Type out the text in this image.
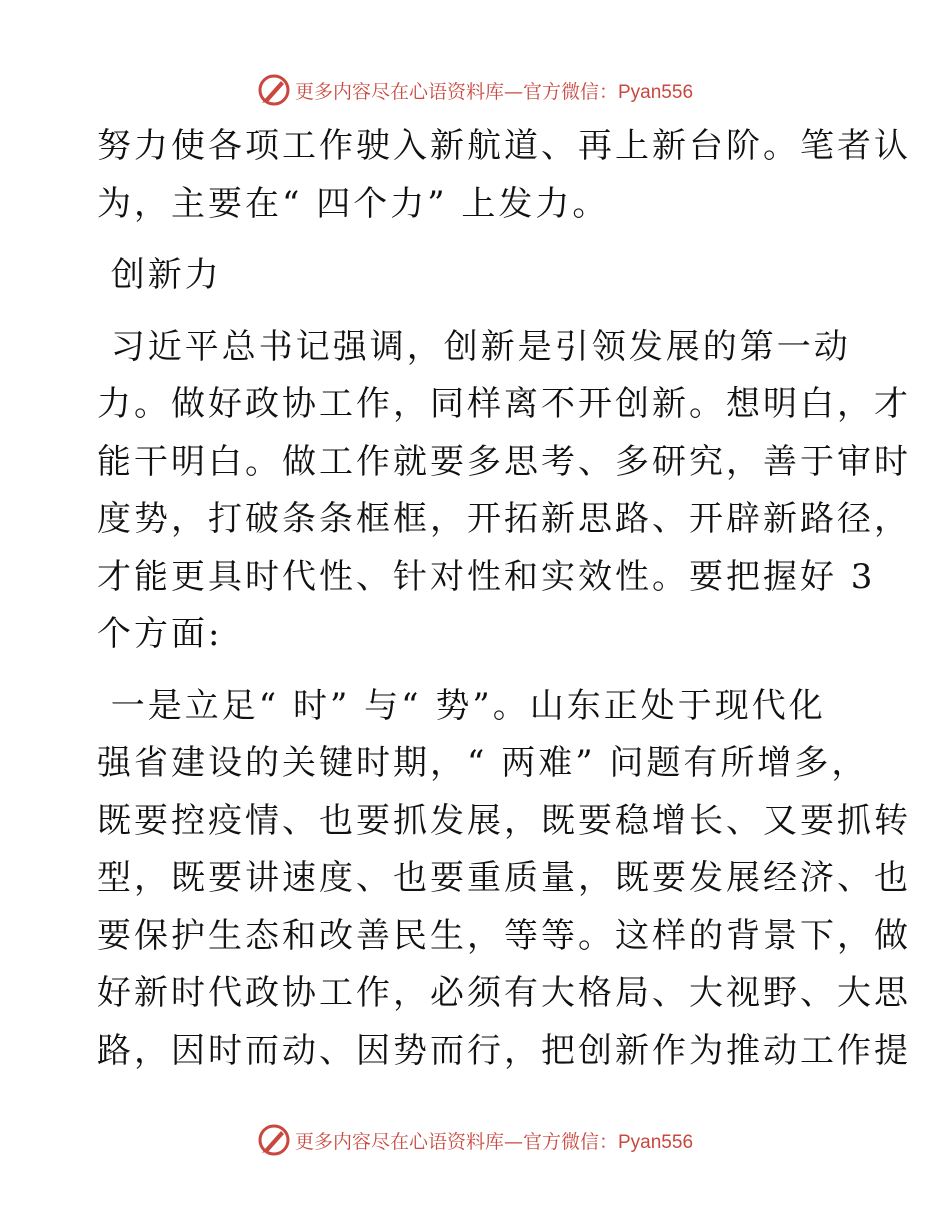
更多内容尽在心语资料库—官方微信：Pyan556
努力使各项工作驶入新航道、再上新台阶。笔者认
为，主要在“ 四个力” 上发力。
创新力
习近平总书记强调，创新是引领发展的第一动
力。做好政协工作，同样离不开创新。想明白，才
能干明白。做工作就要多思考、多研究，善于审时
度势，打破条条框框，开拓新思路、开辟新路径，
才能更具时代性、针对性和实效性。要把握好 3
个方面:
一是立足“ 时” 与“ 势”。山东正处于现代化
强省建设的关键时期，“ 两难” 问题有所增多，
既要控疫情、也要抓发展，既要稳增长、又要抓转
型，既要讲速度、也要重质量，既要发展经济、也
要保护生态和改善民生，等等。这样的背景下，做
好新时代政协工作，必须有大格局、大视野、大思
路，因时而动、因势而行，把创新作为推动工作提
更多内容尽在心语资料库—官方微信：Pyan556
